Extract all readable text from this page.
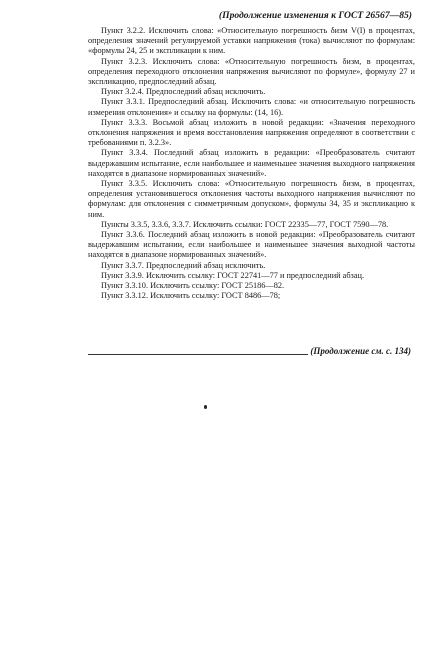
(Продолжение изменения к ГОСТ 26567—85)

Пункт 3.2.2. Исключить слова: «Относительную погрешность δизм V(I) в процентах, определения значений регулируемой уставки напряжения (тока) вычисляют по формулам: «формулы 24, 25 и экспликации к ним.

Пункт 3.2.3. Исключить слова: «Относительную погрешность δизм, в процентах, определения переходного отклонения напряжения вычисляют по формуле», формулу 27 и экспликацию, предпоследний абзац.

Пункт 3.2.4. Предпоследний абзац исключить.

Пункт 3.3.1. Предпоследний абзац. Исключить слова: «и относительную погрешность измерения отклонения» и ссылку на формулы: (14, 16).

Пункт 3.3.3. Восьмой абзац изложить в новой редакции: «Значения переходного отклонения напряжения и время восстановления напряжения определяют в соответствии с требованиями п. 3.2.3».

Пункт 3.3.4. Последний абзац изложить в редакции: «Преобразователь считают выдержавшим испытание, если наибольшее и наименьшее значения выходного напряжения находятся в диапазоне нормированных значений».

Пункт 3.3.5. Исключить слова: «Относительную погрешность δизм, в процентах, определения установившегося отклонения частоты выходного напряжения вычисляют по формулам: для отклонения с симметричным допуском», формулы 34, 35 и экспликацию к ним.

Пункты 3.3.5, 3.3.6, 3.3.7. Исключить ссылки: ГОСТ 22335—77, ГОСТ 7590—78.

Пункт 3.3.6. Последний абзац изложить в новой редакции: «Преобразователь считают выдержавшим испытании, если наибольшее и наименьшее значения выходной частоты находятся в диапазоне нормированных значений».

Пункт 3.3.7. Предпоследний абзац исключить.

Пункт 3.3.9. Исключить ссылку: ГОСТ 22741—77 и предпоследний абзац.

Пункт 3.3.10. Исключить ссылку: ГОСТ 25186—82.

Пункт 3.3.12. Исключить ссылку: ГОСТ 8486—78;

(Продолжение см. с. 134)
